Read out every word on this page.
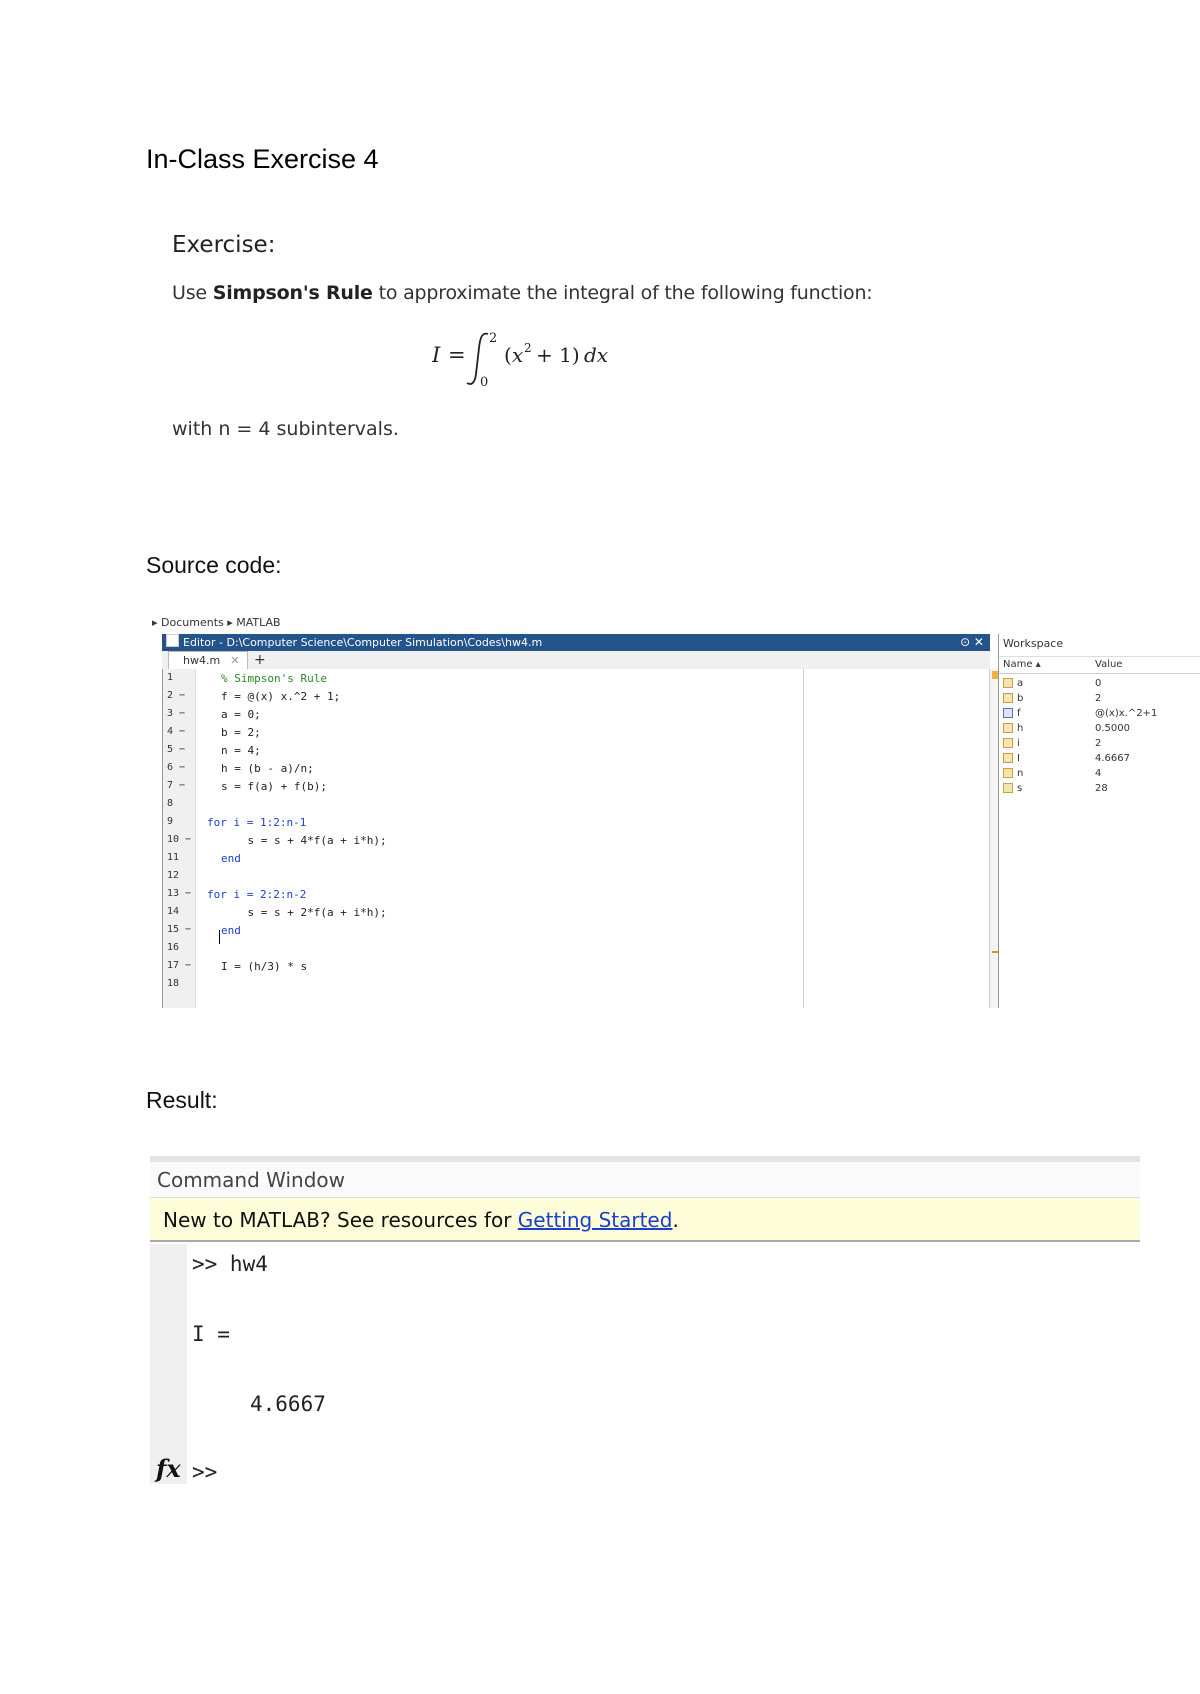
In-Class Exercise 4
Exercise:
Use Simpson's Rule to approximate the integral of the following function:
I =
2
0
( x 2 + 1) dx
with n = 4 subintervals.
Source code:
▸ Documents ▸ MATLAB
Editor - D:\Computer Science\Computer Simulation\Codes\hw4.m	⊙ ✕
hw4.m ✕	+
1
2 −
3 −
4 −
5 −
6 −
7 −
8
9
10 −
11
12
13 −
14
15 −
16
17 −
18
% Simpson's Rule
f = @(x) x.^2 + 1;
a = 0;
b = 2;
n = 4;
h = (b - a)/n;
s = f(a) + f(b);
for i = 1:2:n-1
s = s + 4*f(a + i*h);
end
for i = 2:2:n-2
s = s + 2*f(a + i*h);
end
I = (h/3) * s
Workspace
Name ▴	Value
a	0
b	2
f	@(x)x.^2+1
h	0.5000
i	2
I	4.6667
n	4
s	28
Result:
Command Window
New to MATLAB? See resources for Getting Started.
>> hw4
I =
4.6667
fx >>
